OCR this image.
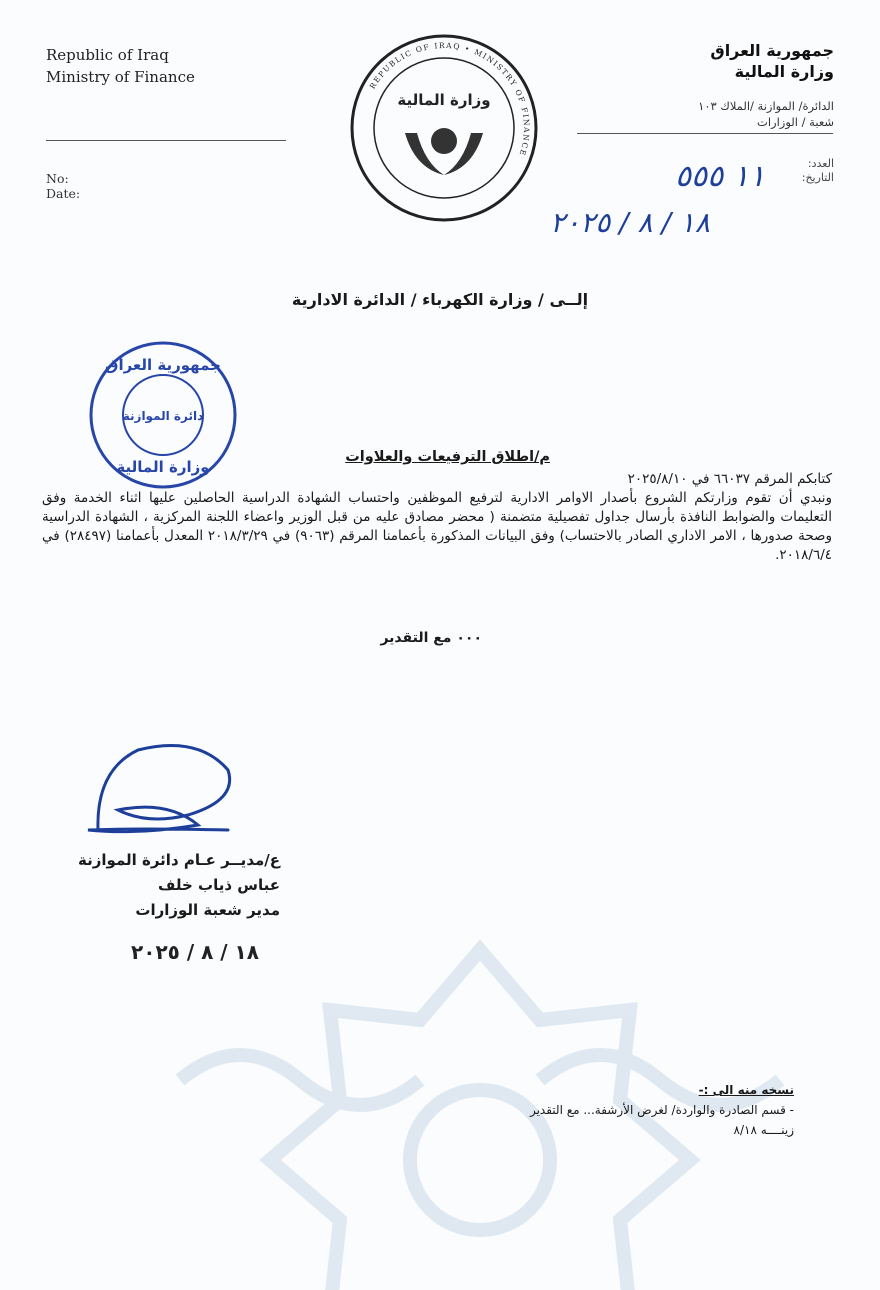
Republic of Iraq
Ministry of Finance
No:
Date:
جمهورية العراق
وزارة المالية
الدائرة/ الموازنة /الملاك ١٠٣
شعبة / الوزارات
العدد:
التاريخ:
REPUBLIC OF IRAQ • MINISTRY OF FINANCE
وزارة المالية
١١ ٥٥٥
١٨ / ٨ / ٢٠٢٥
إلــى / وزارة الكهرباء / الدائرة الادارية
جمهورية العراق
دائرة الموازنة
وزارة المالية
م/اطلاق الترفيعات والعلاوات
كتابكم المرقم ٦٦٠٣٧ في ٢٠٢٥/٨/١٠
ونبدي أن تقوم وزارتكم الشروع بأصدار الاوامر الادارية لترفيع الموظفين واحتساب الشهادة الدراسية الحاصلين عليها اثناء الخدمة وفق التعليمات والضوابط النافذة بأرسال جداول تفصيلية متضمنة ( محضر مصادق عليه من قبل الوزير واعضاء اللجنة المركزية ، الشهادة الدراسية وصحة صدورها ، الامر الاداري الصادر بالاحتساب) وفق البيانات المذكورة بأعمامنا المرقم (٩٠٦٣) في ٢٠١٨/٣/٢٩ المعدل بأعمامنا (٢٨٤٩٧) في ٢٠١٨/٦/٤.
٠٠٠ مع التقدير
ع/مديــر عـام دائرة الموازنة
عباس ذياب خلف
مدير شعبة الوزارات
١٨ / ٨ / ٢٠٢٥
نسخه منه الى :-
- قسم الصادرة والواردة/ لغرض الأرشفة... مع التقدير
زينــــه ٨/١٨
